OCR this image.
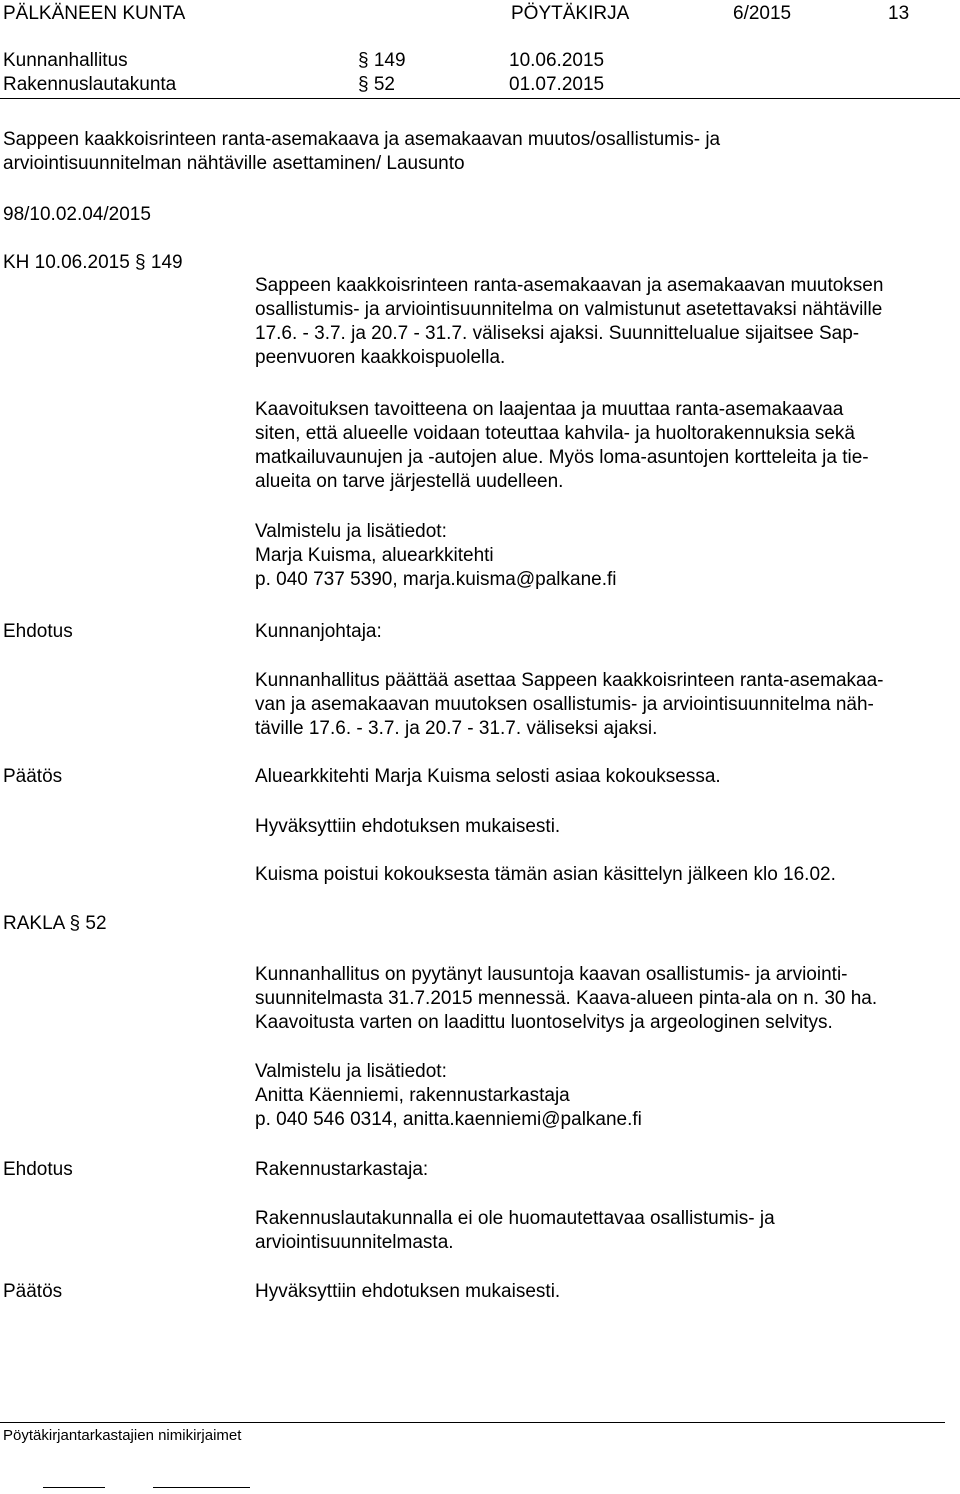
PÄLKÄNEEN KUNTA	PÖYTÄKIRJA	6/2015	13
Kunnanhallitus	§ 149	10.06.2015
Rakennuslautakunta	§ 52	01.07.2015
Sappeen kaakkoisrinteen ranta-asemakaava ja asemakaavan muutos/osallistumis- ja
arviointisuunnitelman nähtäville asettaminen/ Lausunto
98/10.02.04/2015
KH 10.06.2015 § 149
Sappeen kaakkoisrinteen ranta-asemakaavan ja asemakaavan muutoksen
osallistumis- ja arviointisuunnitelma on valmistunut asetettavaksi nähtäville
17.6. - 3.7. ja 20.7 - 31.7. väliseksi ajaksi. Suunnittelualue sijaitsee Sap-
peenvuoren kaakkoispuolella.
Kaavoituksen tavoitteena on laajentaa ja muuttaa ranta-asemakaavaa
siten, että alueelle voidaan toteuttaa kahvila- ja huoltorakennuksia sekä
matkailuvaunujen ja -autojen alue. Myös loma-asuntojen kortteleita ja tie-
alueita on tarve järjestellä uudelleen.
Valmistelu ja lisätiedot:
Marja Kuisma, aluearkkitehti
p. 040 737 5390, marja.kuisma@palkane.fi
Ehdotus	Kunnanjohtaja:
Kunnanhallitus päättää asettaa Sappeen kaakkoisrinteen ranta-asemakaa-
van ja asemakaavan muutoksen osallistumis- ja arviointisuunnitelma näh-
täville 17.6. - 3.7. ja 20.7 - 31.7. väliseksi ajaksi.
Päätös	Aluearkkitehti Marja Kuisma selosti asiaa kokouksessa.
Hyväksyttiin ehdotuksen mukaisesti.
Kuisma poistui kokouksesta tämän asian käsittelyn jälkeen klo 16.02.
RAKLA § 52
Kunnanhallitus on pyytänyt lausuntoja kaavan osallistumis- ja arviointi-
suunnitelmasta 31.7.2015 mennessä. Kaava-alueen pinta-ala on n. 30 ha.
Kaavoitusta varten on laadittu luontoselvitys ja argeologinen selvitys.
Valmistelu ja lisätiedot:
Anitta Käenniemi, rakennustarkastaja
p. 040 546 0314, anitta.kaenniemi@palkane.fi
Ehdotus	Rakennustarkastaja:
Rakennuslautakunnalla ei ole huomautettavaa osallistumis- ja
arviointisuunnitelmasta.
Päätös	Hyväksyttiin ehdotuksen mukaisesti.
Pöytäkirjantarkastajien nimikirjaimet
